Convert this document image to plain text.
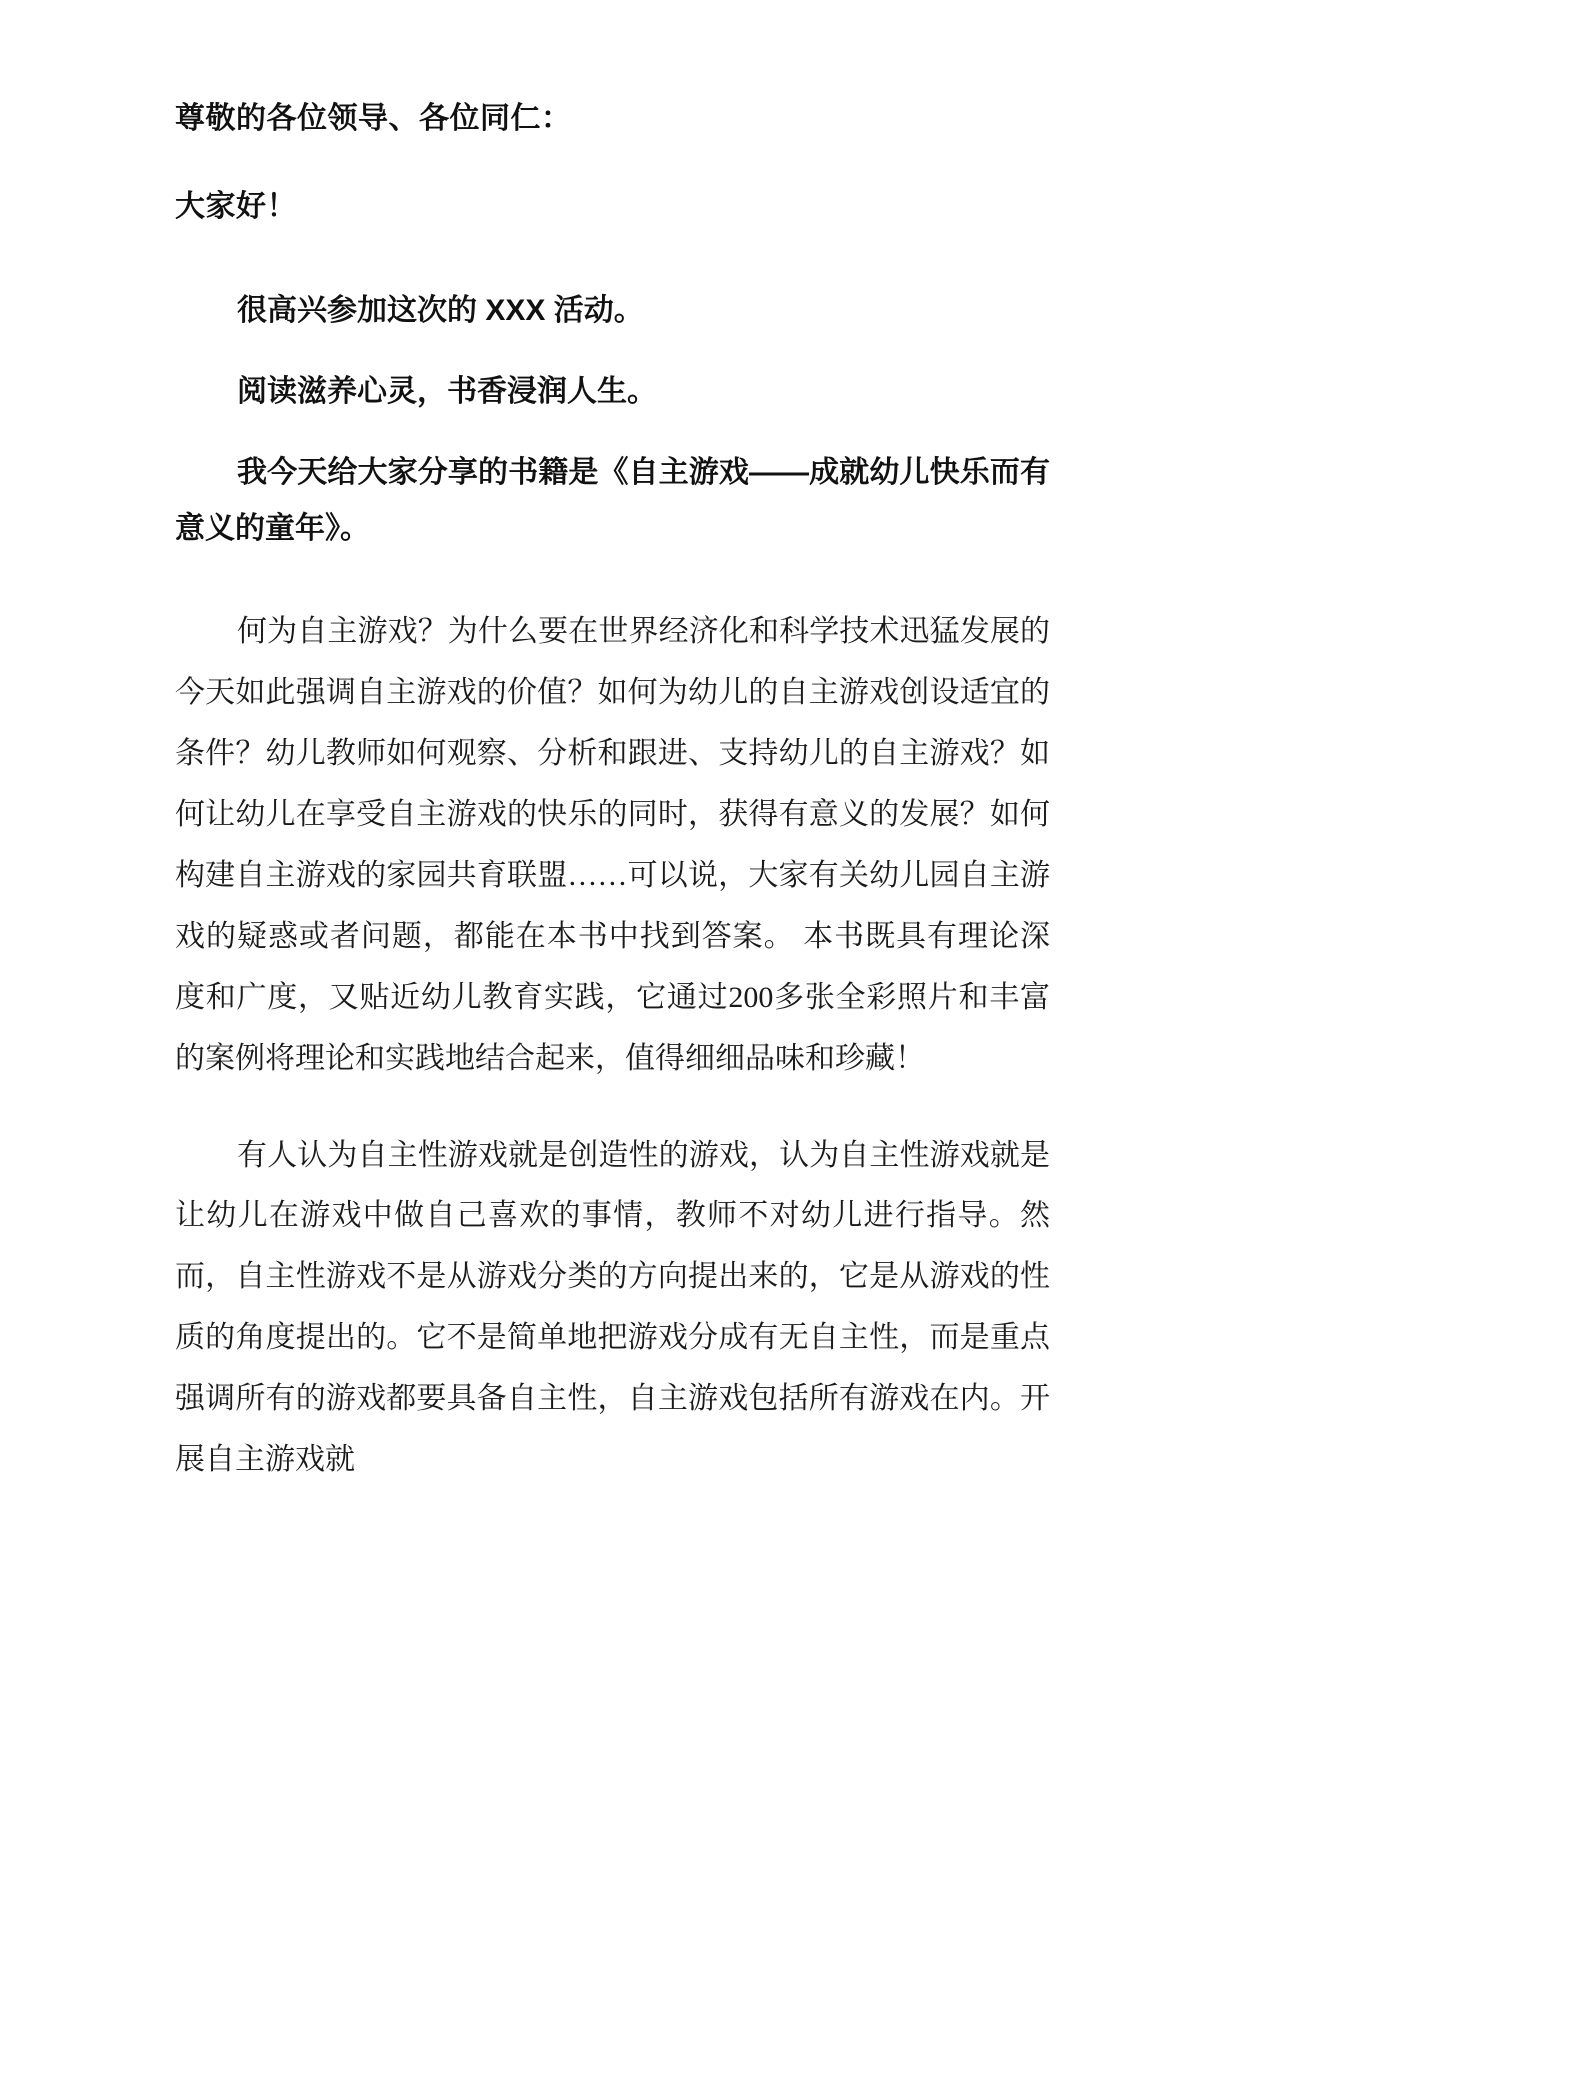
尊敬的各位领导、各位同仁：

大家好！

很高兴参加这次的 XXX 活动。

阅读滋养心灵，书香浸润人生。

我今天给大家分享的书籍是《自主游戏——成就幼儿快乐而有意义的童年》。

何为自主游戏？为什么要在世界经济化和科学技术迅猛发展的今天如此强调自主游戏的价值？如何为幼儿的自主游戏创设适宜的条件？幼儿教师如何观察、分析和跟进、支持幼儿的自主游戏？如何让幼儿在享受自主游戏的快乐的同时，获得有意义的发展？如何构建自主游戏的家园共育联盟……可以说，大家有关幼儿园自主游戏的疑惑或者问题，都能在本书中找到答案。 本书既具有理论深度和广度，又贴近幼儿教育实践，它通过200多张全彩照片和丰富的案例将理论和实践地结合起来，值得细细品味和珍藏！

有人认为自主性游戏就是创造性的游戏，认为自主性游戏就是让幼儿在游戏中做自己喜欢的事情，教师不对幼儿进行指导。然而，自主性游戏不是从游戏分类的方向提出来的，它是从游戏的性质的角度提出的。它不是简单地把游戏分成有无自主性，而是重点强调所有的游戏都要具备自主性，自主游戏包括所有游戏在内。开展自主游戏就
